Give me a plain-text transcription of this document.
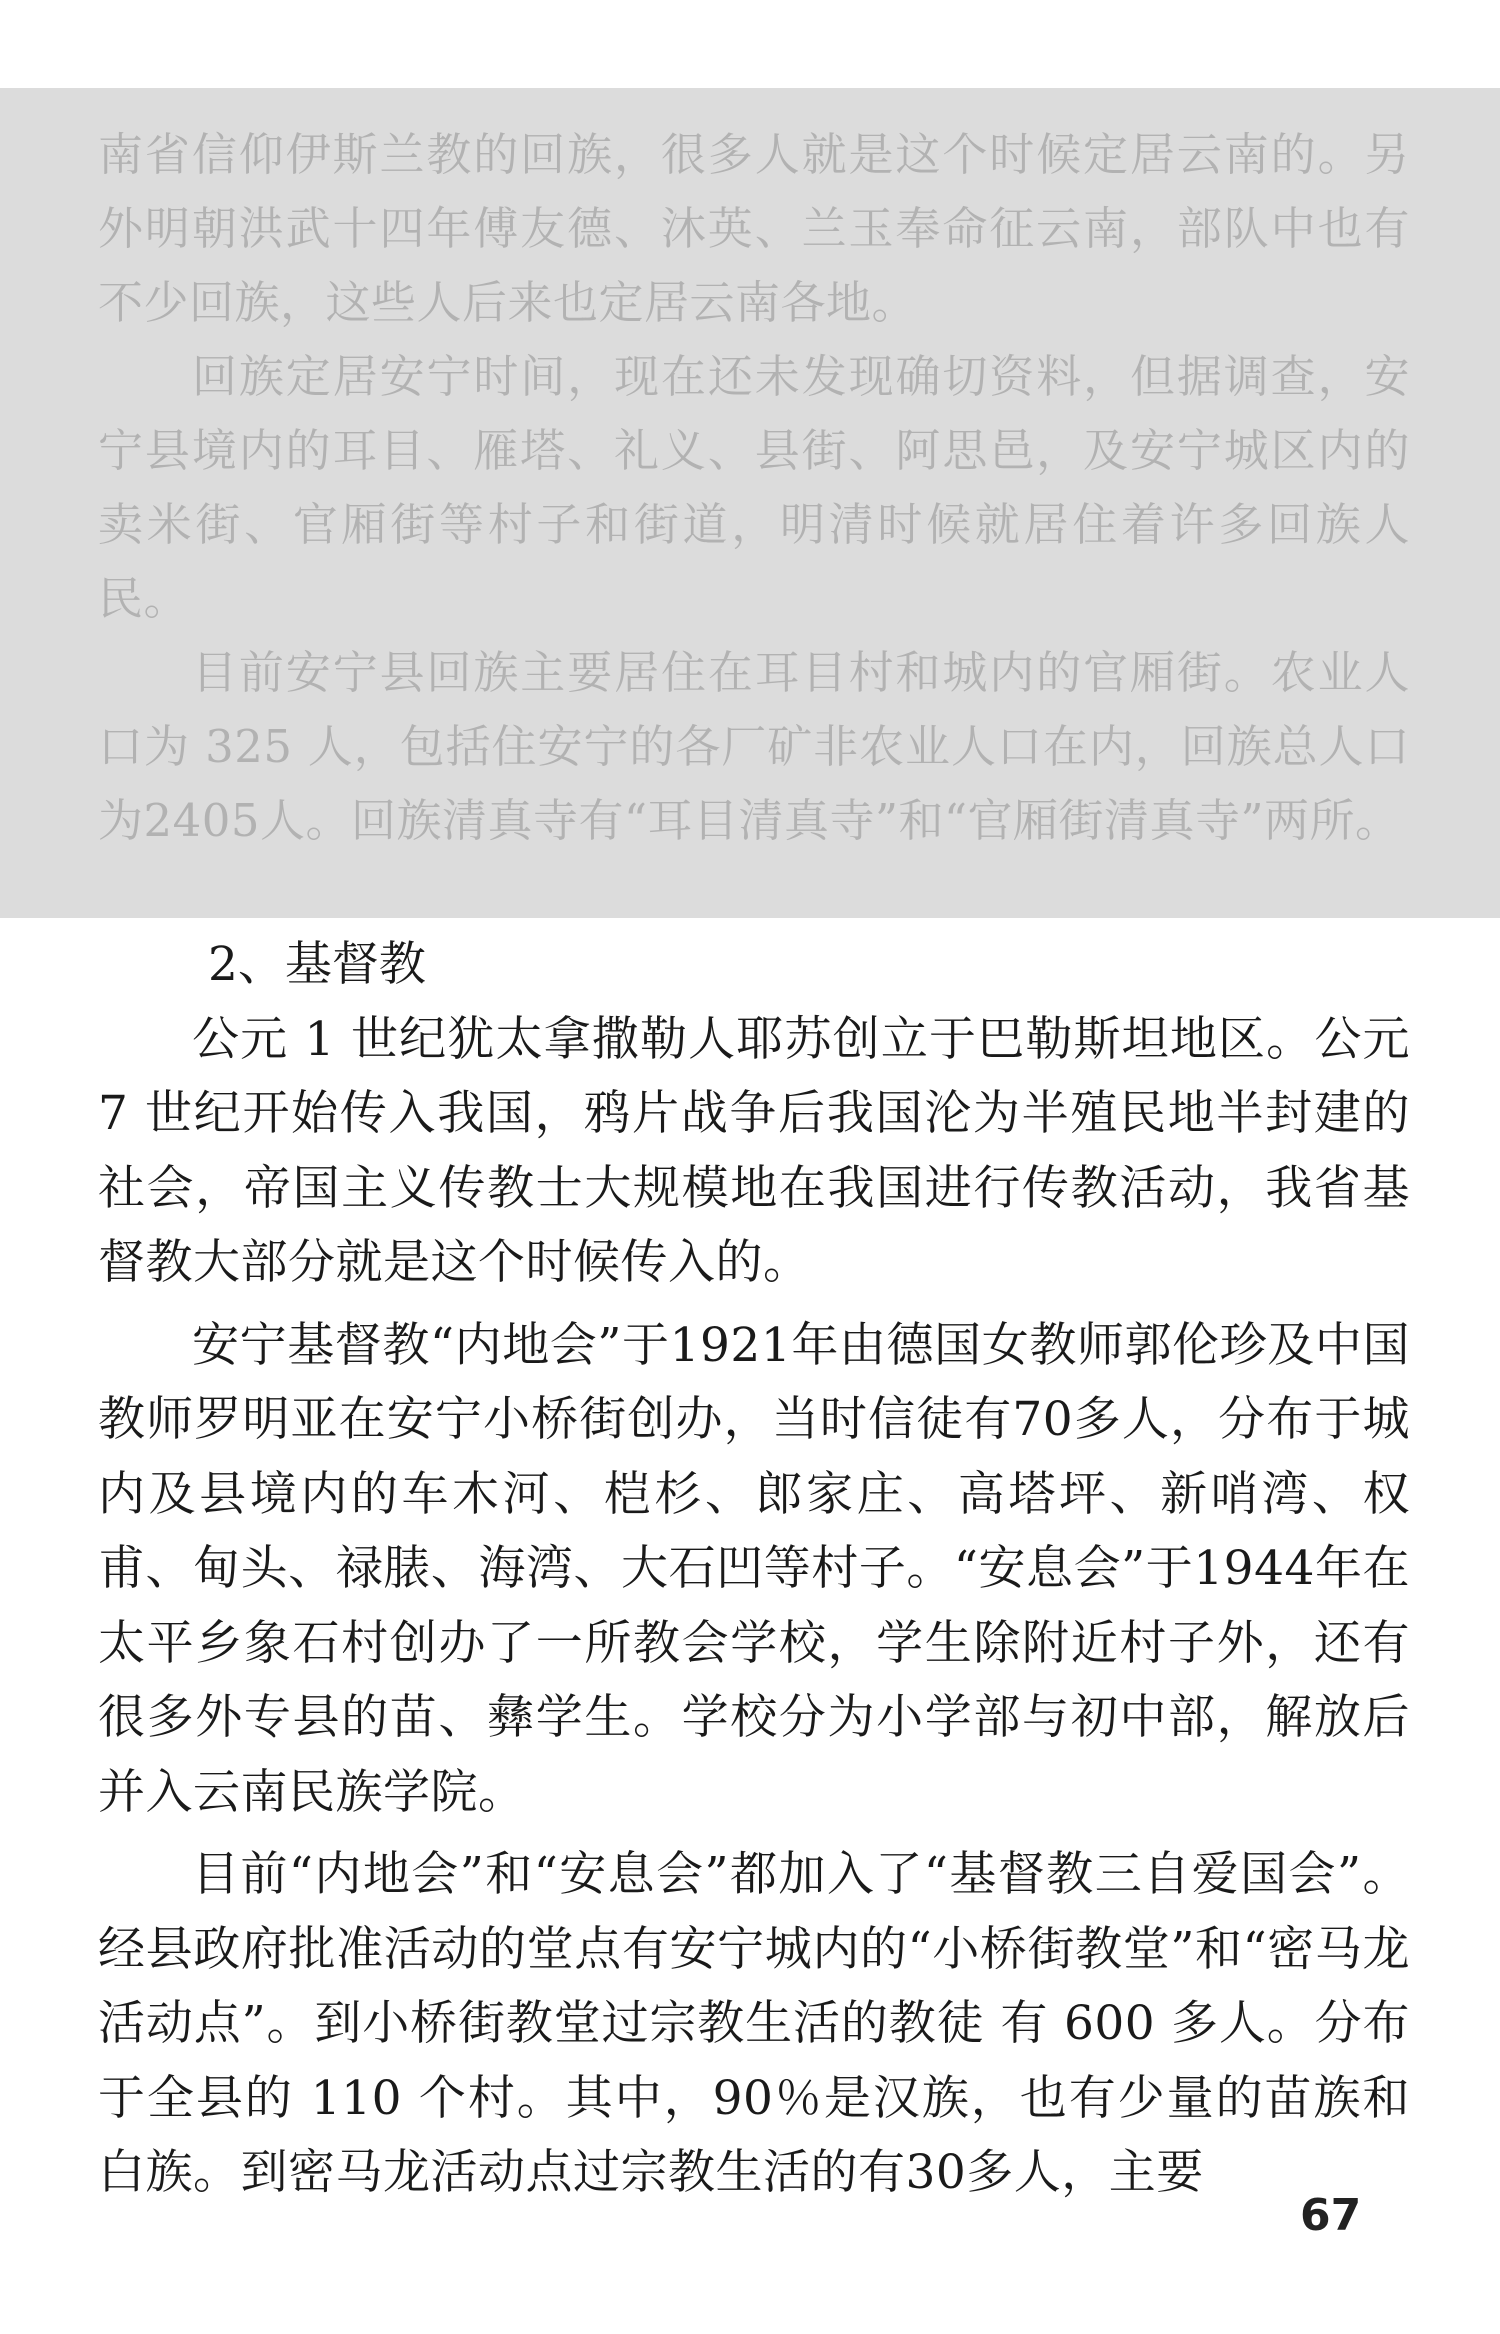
南省信仰伊斯兰教的回族，很多人就是这个时候定居云南的。另外明朝洪武十四年傅友德、沐英、兰玉奉命征云南，部队中也有不少回族，这些人后来也定居云南各地。

回族定居安宁时间，现在还未发现确切资料，但据调查，安宁县境内的耳目、雁塔、礼义、县街、阿思邑，及安宁城区内的卖米街、官厢街等村子和街道，明清时候就居住着许多回族人民。

目前安宁县回族主要居住在耳目村和城内的官厢街。农业人口为 325 人，包括住安宁的各厂矿非农业人口在内，回族总人口为2405人。回族清真寺有“耳目清真寺”和“官厢街清真寺”两所。

2、基督教

公元 1 世纪犹太拿撒勒人耶苏创立于巴勒斯坦地区。公元 7 世纪开始传入我国，鸦片战争后我国沦为半殖民地半封建的社会，帝国主义传教士大规模地在我国进行传教活动，我省基督教大部分就是这个时候传入的。

安宁基督教“内地会”于1921年由德国女教师郭伦珍及中国教师罗明亚在安宁小桥街创办，当时信徒有70多人，分布于城内及县境内的车木河、桤杉、郎家庄、高塔坪、新哨湾、权甫、甸头、禄脿、海湾、大石凹等村子。“安息会”于1944年在太平乡象石村创办了一所教会学校，学生除附近村子外，还有很多外专县的苗、彝学生。学校分为小学部与初中部，解放后并入云南民族学院。

目前“内地会”和“安息会”都加入了“基督教三自爱国会”。经县政府批准活动的堂点有安宁城内的“小桥街教堂”和“密马龙活动点”。到小桥街教堂过宗教生活的教徒 有 600 多人。分布于全县的 110 个村。其中，90％是汉族，也有少量的苗族和白族。到密马龙活动点过宗教生活的有30多人，主要

67
